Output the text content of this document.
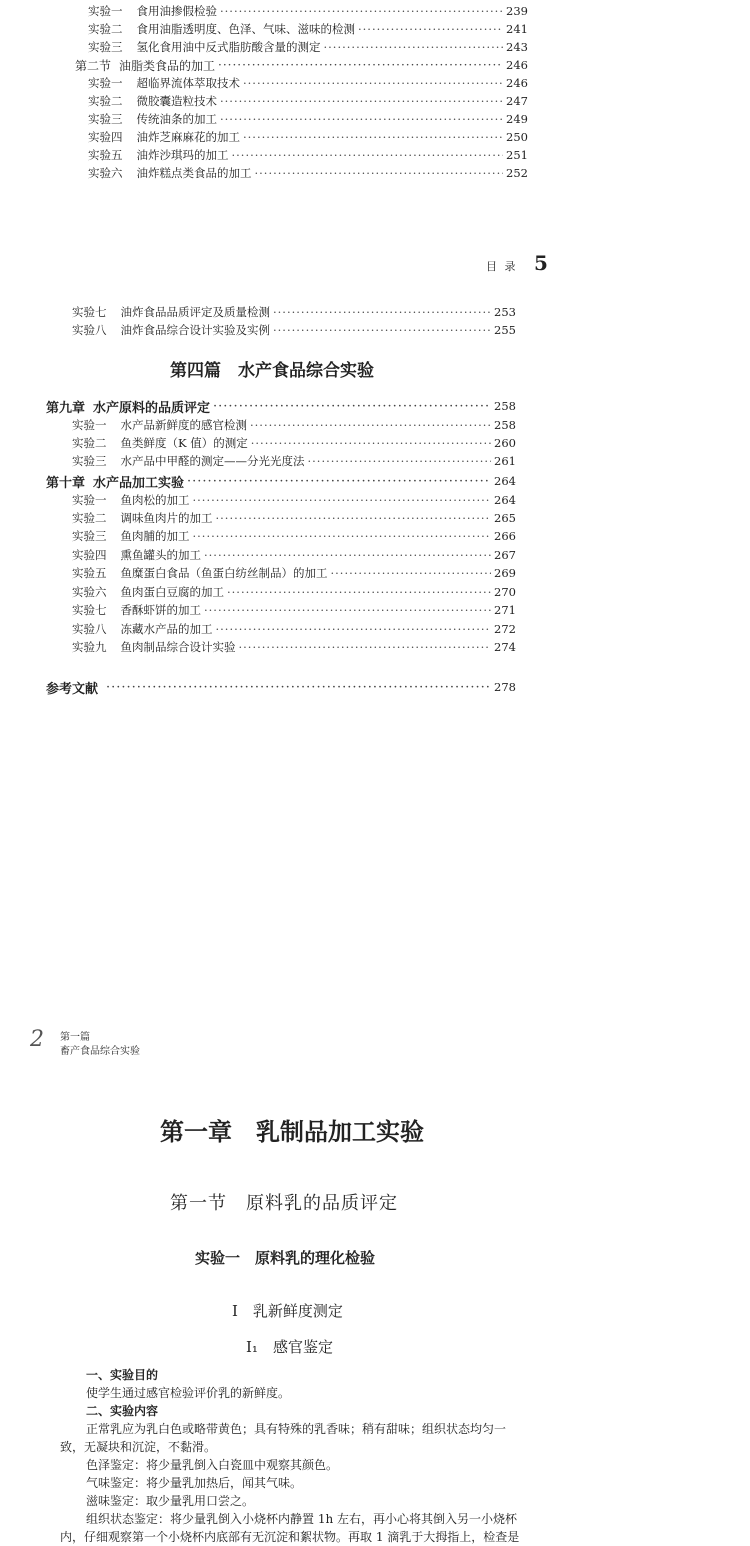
实验一 食用油掺假检验 ·····	239
实验二 食用油脂透明度、色泽、气味、滋味的检测 ·····	241
实验三 氢化食用油中反式脂肪酸含量的测定 ·····	243
第二节 油脂类食品的加工 ·····	246
实验一 超临界流体萃取技术 ·····	246
实验二 微胶囊造粒技术 ·····	247
实验三 传统油条的加工 ·····	249
实验四 油炸芝麻麻花的加工 ·····	250
实验五 油炸沙琪玛的加工 ·····	251
实验六 油炸糕点类食品的加工 ·····	252
目 录 5
实验七 油炸食品品质评定及质量检测 ·····	253
实验八 油炸食品综合设计实验及实例 ·····	255
第四篇　水产食品综合实验
第九章 水产原料的品质评定 ·····	258
实验一 水产品新鲜度的感官检测 ·····	258
实验二 鱼类鲜度（K 值）的测定 ·····	260
实验三 水产品中甲醛的测定——分光光度法 ·····	261
第十章 水产品加工实验 ·····	264
实验一 鱼肉松的加工 ·····	264
实验二 调味鱼肉片的加工 ·····	265
实验三 鱼肉脯的加工 ·····	266
实验四 熏鱼罐头的加工 ·····	267
实验五 鱼糜蛋白食品（鱼蛋白纺丝制品）的加工 ·····	269
实验六 鱼肉蛋白豆腐的加工 ·····	270
实验七 香酥虾饼的加工 ·····	271
实验八 冻藏水产品的加工 ·····	272
实验九 鱼肉制品综合设计实验 ·····	274
参考文献 ·····	278
2 第一篇
畜产食品综合实验
第一章　乳制品加工实验
第一节　原料乳的品质评定
实验一　原料乳的理化检验
Ⅰ　乳新鲜度测定
Ⅰ₁　感官鉴定

一、实验目的

使学生通过感官检验评价乳的新鲜度。

二、实验内容

正常乳应为乳白色或略带黄色；具有特殊的乳香味；稍有甜味；组织状态均匀一

致，无凝块和沉淀，不黏滑。

色泽鉴定：将少量乳倒入白瓷皿中观察其颜色。

气味鉴定：将少量乳加热后，闻其气味。

滋味鉴定：取少量乳用口尝之。

组织状态鉴定：将少量乳倒入小烧杯内静置 1h 左右，再小心将其倒入另一小烧杯

内，仔细观察第一个小烧杯内底部有无沉淀和絮状物。再取 1 滴乳于大拇指上，检查是
